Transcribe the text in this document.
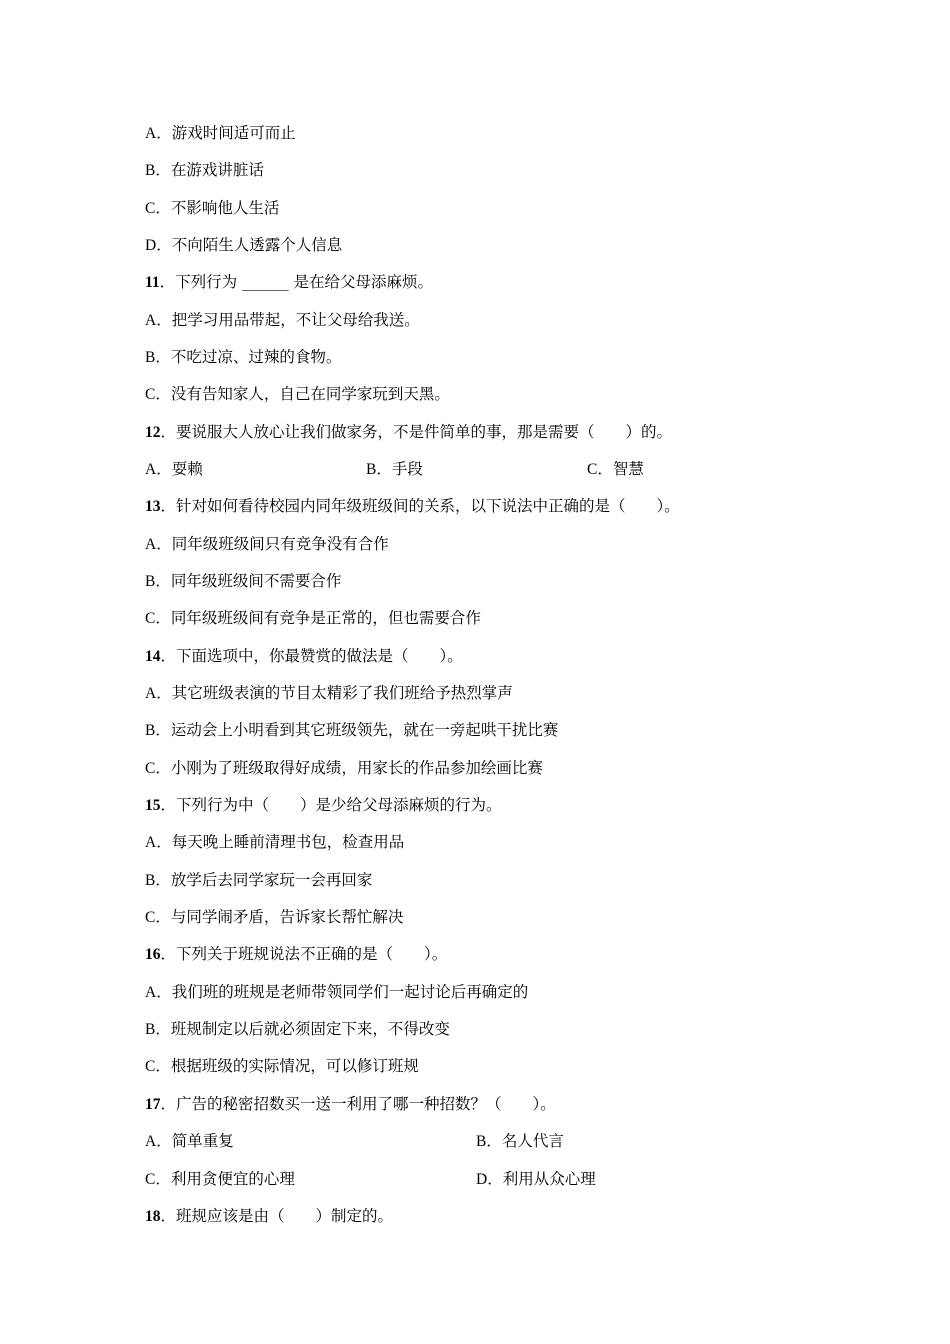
A．游戏时间适可而止
B．在游戏讲脏话
C．不影响他人生活
D．不向陌生人透露个人信息
11．下列行为 ______ 是在给父母添麻烦。
A．把学习用品带起，不让父母给我送。
B．不吃过凉、过辣的食物。
C．没有告知家人，自己在同学家玩到天黑。
12．要说服大人放心让我们做家务，不是件简单的事，那是需要（　　）的。
A．耍赖	B．手段	C．智慧
13．针对如何看待校园内同年级班级间的关系，以下说法中正确的是（　　）。
A．同年级班级间只有竞争没有合作
B．同年级班级间不需要合作
C．同年级班级间有竞争是正常的，但也需要合作
14．下面选项中，你最赞赏的做法是（　　）。
A．其它班级表演的节目太精彩了我们班给予热烈掌声
B．运动会上小明看到其它班级领先，就在一旁起哄干扰比赛
C．小刚为了班级取得好成绩，用家长的作品参加绘画比赛
15．下列行为中（　　）是少给父母添麻烦的行为。
A．每天晚上睡前清理书包，检查用品
B．放学后去同学家玩一会再回家
C．与同学闹矛盾，告诉家长帮忙解决
16．下列关于班规说法不正确的是（　　）。
A．我们班的班规是老师带领同学们一起讨论后再确定的
B．班规制定以后就必须固定下来，不得改变
C．根据班级的实际情况，可以修订班规
17．广告的秘密招数买一送一利用了哪一种招数？（　　）。
A．简单重复	B．名人代言
C．利用贪便宜的心理	D．利用从众心理
18．班规应该是由（　　）制定的。
